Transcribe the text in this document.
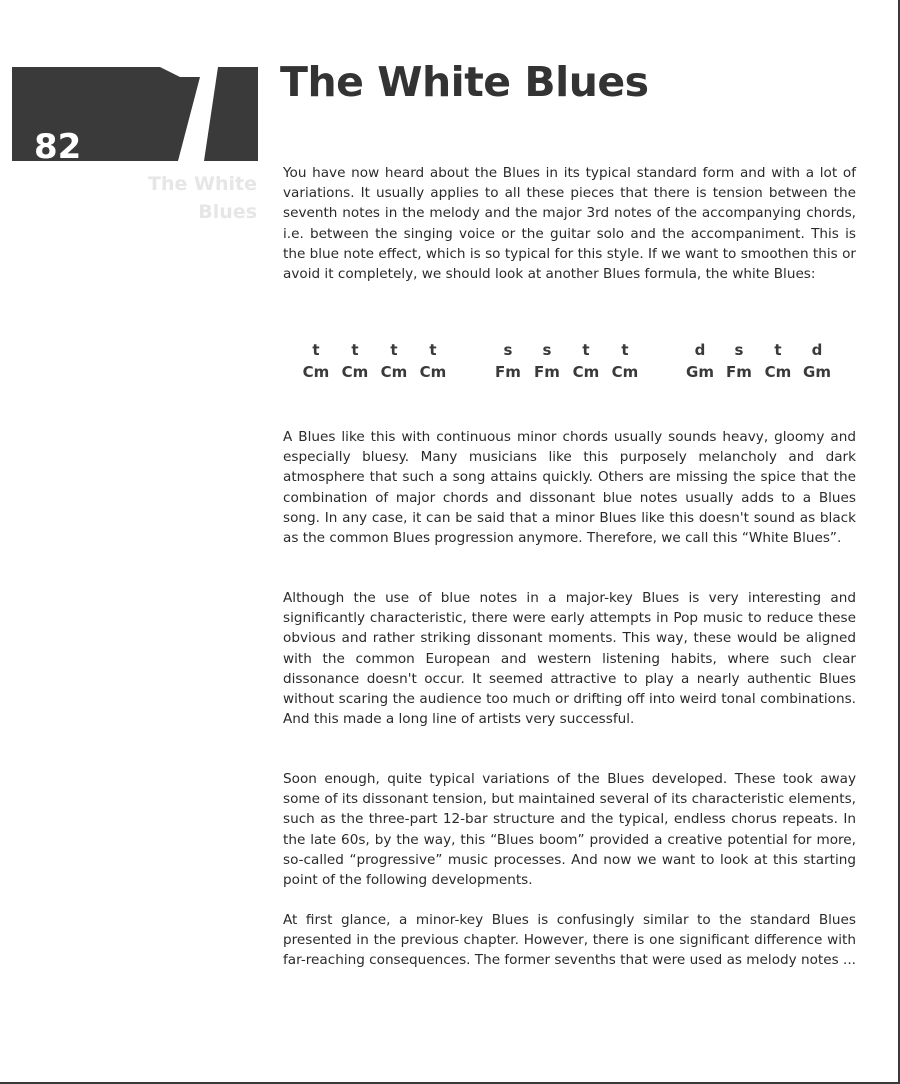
82
The White
Blues
The White Blues

You have now heard about the Blues in its typical standard form and with a lot of variations. It usually applies to all these pieces that there is tension between the seventh notes in the melody and the major 3rd notes of the accompanying chords, i.e. between the singing voice or the guitar solo and the accompaniment. This is the blue note effect, which is so typical for this style. If we want to smoothen this or avoid it completely, we should look at another Blues formula, the white Blues:

t
Cm
t
Cm
t
Cm
t
Cm
s
Fm
s
Fm
t
Cm
t
Cm
d
Gm
s
Fm
t
Cm
d
Gm

A Blues like this with continuous minor chords usually sounds heavy, gloomy and especially bluesy. Many musicians like this purposely melancholy and dark atmosphere that such a song attains quickly. Others are missing the spice that the combination of major chords and dissonant blue notes usually adds to a Blues song. In any case, it can be said that a minor Blues like this doesn't sound as black as the common Blues progression anymore. Therefore, we call this “White Blues”.

Although the use of blue notes in a major-key Blues is very interesting and significantly characteristic, there were early attempts in Pop music to reduce these obvious and rather striking dissonant moments. This way, these would be aligned with the common European and western listening habits, where such clear dissonance doesn't occur. It seemed attractive to play a nearly authentic Blues without scaring the audience too much or drifting off into weird tonal combinations. And this made a long line of artists very successful.

Soon enough, quite typical variations of the Blues developed. These took away some of its dissonant tension, but maintained several of its characteristic elements, such as the three-part 12-bar structure and the typical, endless chorus repeats. In the late 60s, by the way, this “Blues boom” provided a creative potential for more, so-called “progressive” music processes. And now we want to look at this starting point of the following developments.

At first glance, a minor-key Blues is confusingly similar to the standard Blues presented in the previous chapter. However, there is one significant difference with far-reaching consequences. The former sevenths that were used as melody notes ...
